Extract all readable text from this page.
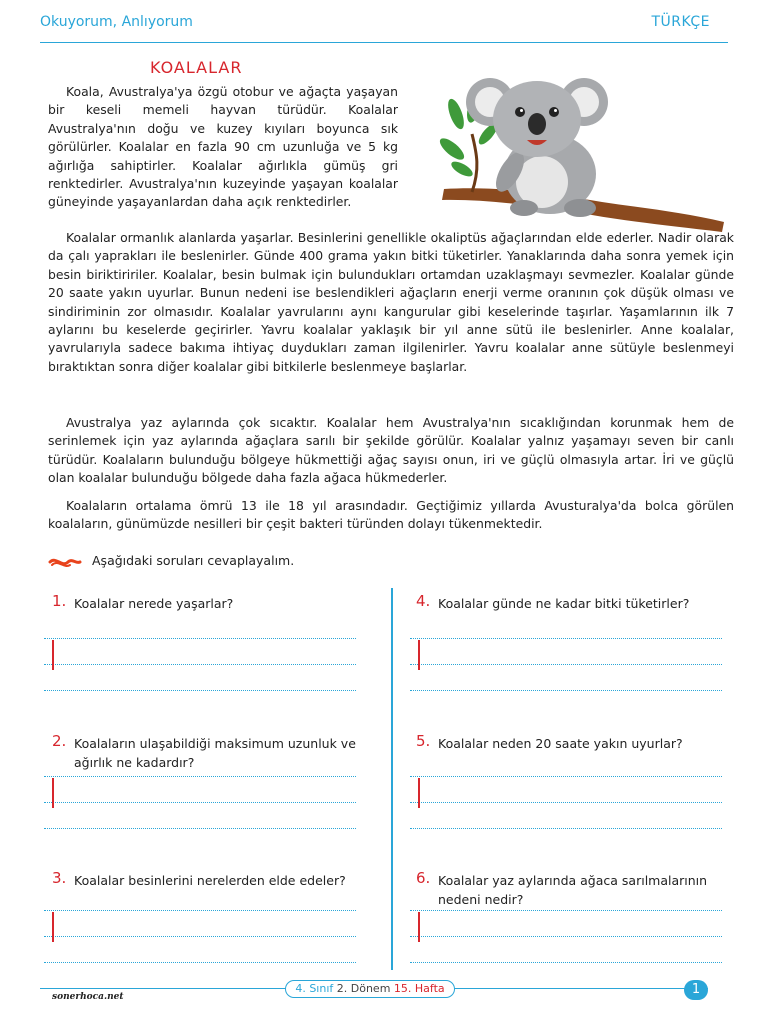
Okuyorum, Anlıyorum	TÜRKÇE
KOALALAR

Koala, Avustralya'ya özgü otobur ve ağaçta yaşayan bir keseli memeli hayvan türüdür. Koalalar Avustralya'nın doğu ve kuzey kıyıları boyunca sık görülürler. Koalalar en fazla 90 cm uzunluğa ve 5 kg ağırlığa sahiptirler. Koalalar ağırlıkla gümüş gri renktedirler. Avustralya'nın kuzeyinde yaşayan koalalar güneyinde yaşayanlardan daha açık renktedirler.

Koalalar ormanlık alanlarda yaşarlar. Besinlerini genellikle okaliptüs ağaçlarından elde ederler. Nadir olarak da çalı yaprakları ile beslenirler. Günde 400 grama yakın bitki tüketirler. Yanaklarında daha sonra yemek için besin biriktiririler. Koalalar, besin bulmak için bulundukları ortamdan uzaklaşmayı sevmezler. Koalalar günde 20 saate yakın uyurlar. Bunun nedeni ise beslendikleri ağaçların enerji verme oranının çok düşük olması ve sindiriminin zor olmasıdır. Koalalar yavrularını aynı kangurular gibi keselerinde taşırlar. Yaşamlarının ilk 7 aylarını bu keselerde geçirirler. Yavru koalalar yaklaşık bir yıl anne sütü ile beslenirler. Anne koalalar, yavrularıyla sadece bakıma ihtiyaç duydukları zaman ilgilenirler. Yavru koalalar anne sütüyle beslenmeyi bıraktıktan sonra diğer koalalar gibi bitkilerle beslenmeye başlarlar.

Avustralya yaz aylarında çok sıcaktır. Koalalar hem Avustralya'nın sıcaklığından korunmak hem de serinlemek için yaz aylarında ağaçlara sarılı bir şekilde görülür. Koalalar yalnız yaşamayı seven bir canlı türüdür. Koalaların bulunduğu bölgeye hükmettiği ağaç sayısı onun, iri ve güçlü olmasıyla artar. İri ve güçlü olan koalalar bulunduğu bölgede daha fazla ağaca hükmederler.

Koalaların ortalama ömrü 13 ile 18 yıl arasındadır. Geçtiğimiz yıllarda Avusturalya'da bolca görülen koalaların, günümüzde nesilleri bir çeşit bakteri türünden dolayı tükenmektedir.

Aşağıdaki soruları cevaplayalım.
1. Koalalar nerede yaşarlar?
2. Koalaların ulaşabildiği maksimum uzunluk ve ağırlık ne kadardır?
3. Koalalar besinlerini nerelerden elde edeler?
4. Koalalar günde ne kadar bitki tüketirler?
5. Koalalar neden 20 saate yakın uyurlar?
6. Koalalar yaz aylarında ağaca sarılmalarının nedeni nedir?
4. Sınıf 2. Dönem 15. Hafta
sonerhoca.net	1
